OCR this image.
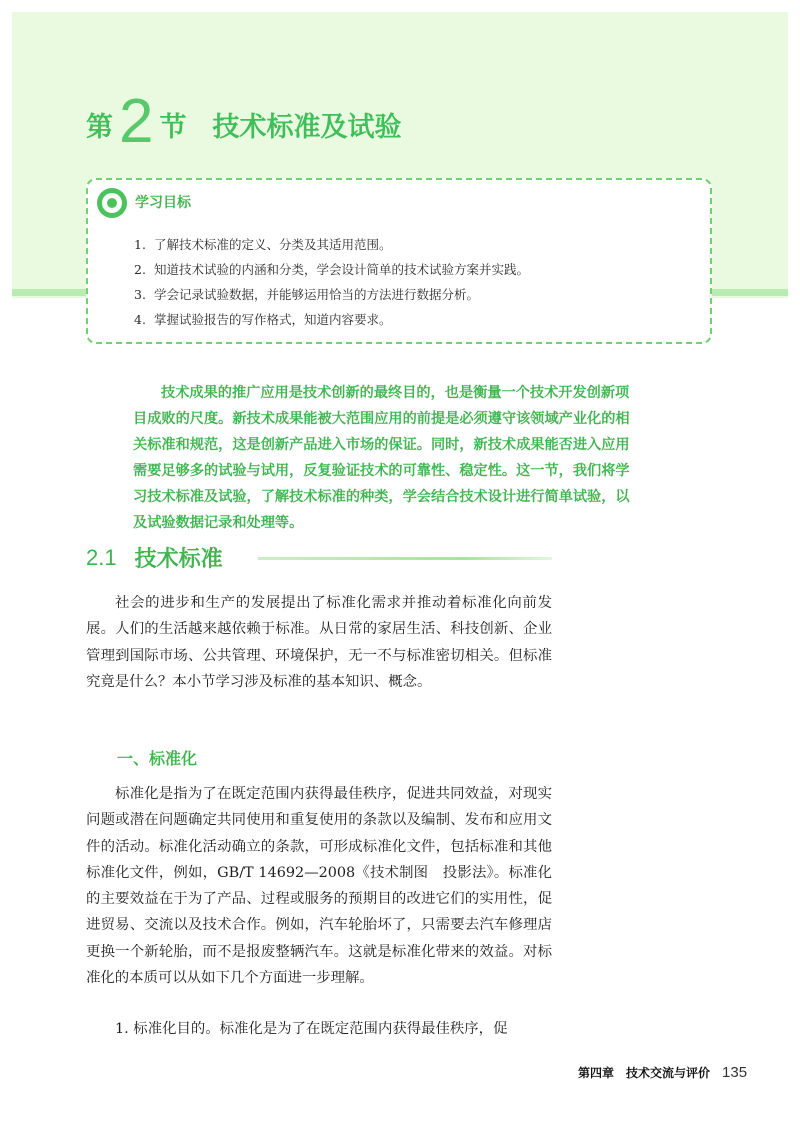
第 2 节 技术标准及试验
学习目标
1. 了解技术标准的定义、分类及其适用范围。
2. 知道技术试验的内涵和分类，学会设计简单的技术试验方案并实践。
3. 学会记录试验数据，并能够运用恰当的方法进行数据分析。
4. 掌握试验报告的写作格式，知道内容要求。

技术成果的推广应用是技术创新的最终目的，也是衡量一个技术开发创新项目成败的尺度。新技术成果能被大范围应用的前提是必须遵守该领域产业化的相关标准和规范，这是创新产品进入市场的保证。同时，新技术成果能否进入应用需要足够多的试验与试用，反复验证技术的可靠性、稳定性。这一节，我们将学习技术标准及试验，了解技术标准的种类，学会结合技术设计进行简单试验，以及试验数据记录和处理等。

2.1 技术标准

社会的进步和生产的发展提出了标准化需求并推动着标准化向前发展。人们的生活越来越依赖于标准。从日常的家居生活、科技创新、企业管理到国际市场、公共管理、环境保护，无一不与标准密切相关。但标准究竟是什么？本小节学习涉及标准的基本知识、概念。

一、标准化

标准化是指为了在既定范围内获得最佳秩序，促进共同效益，对现实问题或潜在问题确定共同使用和重复使用的条款以及编制、发布和应用文件的活动。标准化活动确立的条款，可形成标准化文件，包括标准和其他标准化文件，例如，GB/T 14692—2008《技术制图　投影法》。标准化的主要效益在于为了产品、过程或服务的预期目的改进它们的实用性，促进贸易、交流以及技术合作。例如，汽车轮胎坏了，只需要去汽车修理店更换一个新轮胎，而不是报废整辆汽车。这就是标准化带来的效益。对标准化的本质可以从如下几个方面进一步理解。

1. 标准化目的。标准化是为了在既定范围内获得最佳秩序，促

第四章 技术交流与评价 135
